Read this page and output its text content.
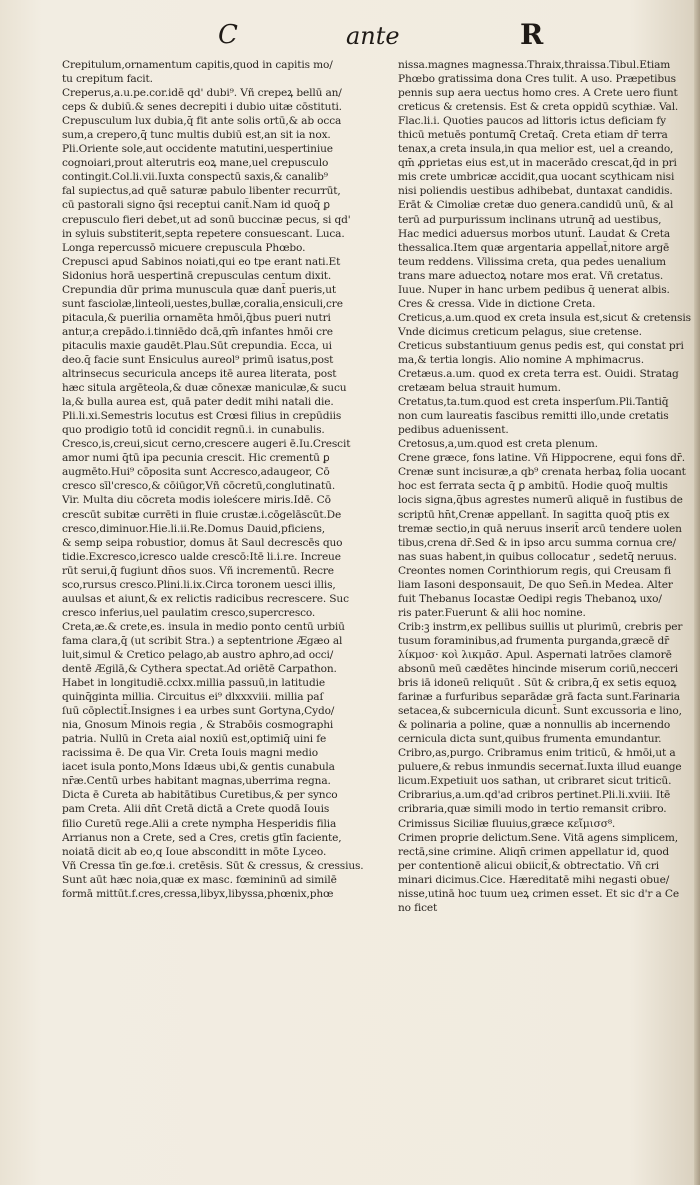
C	ante	R
Crepitulum,ornamentum capitis,quod in capitis mo/
tu crepitum facit.
Creperus,a.u.pe.cor.idē qd' dubi⁹. Vñ crepeꝝ bellū an/
ceps & dubiū.& senes decrepiti i dubio uitæ cōstituti.
Crepusculum lux dubia,q̄ fit ante solis ortū,& ab occa
sum,a crepero,q̄ tunc multis dubiū est,an sit ia nox.
Pli.Oriente sole,aut occidente matutini,uespertiniue
cognoiari,prout alterutris eoꝝ mane,uel crepusculo
contingit.Col.li.vii.Iuxta conspectū saxis,& canalib⁹
fal supiectus,ad quē saturæ pabulo libenter recurrūt,
cū pastorali signo q̄si receptui canit̄.Nam id quoq̄ ꝑ
crepusculo fieri debet,ut ad sonū buccinæ pecus, si qd'
in syluis substiterit,septa repetere consuescant. Luca.
Longa repercussō micuere crepuscula Phœbo.
Crepusci apud Sabinos noiati,qui eo tpe erant nati.Et
Sidonius horā uespertinā crepusculas centum dixit.
Crepundia dūr prima munuscula quæ dant̄ pueris,ut
sunt fasciolæ,linteoli,uestes,bullæ,coralia,ensiculi,cre
pitacula,& puerilia ornamēta hmōi,q̄bus pueri nutri
antur,a crepādo.i.tinniēdo dcā,qm̄ infantes hmōi cre
pitaculis maxie gaudēt.Plau.Sūt crepundia. Ecca, ui
deo.q̄ facie sunt Ensiculus aureol⁹ primū isatus,post
altrinsecus securicula anceps itē aurea literata, post
hæc situla argēteola,& duæ cōnexæ maniculæ,& sucu
la,& bulla aurea est, quā pater dedit mihi natali die.
Pli.li.xi.Semestris locutus est Crœsi filius in crepūdiis
quo prodigio totū id concidit regnū.i. in cunabulis.
Cresco,is,creui,sicut cerno,crescere augeri ē.Iu.Crescit
amor numi q̄tū ipa pecunia crescit. Hic crementū ꝑ
augmēto.Hui⁹ cōposita sunt Accresco,adaugeor, Cō
cresco sīl'cresco,& cōiūgor,Vñ cōcretū,conglutinatū.
Vir. Multa diu cōcreta modis ioleścere miris.Idē. Cō
crescūt subitæ currēti in fluie crustæ.i.cōgelāscūt.De
cresco,diminuor.Hie.li.ii.Re.Domus Dauid,pficiens,
& semp seipa robustior, domus āt Saul decrescēs quo
tidie.Excresco,icresco ualde crescō:Itē li.i.re. Increue
rūt serui,q̄ fugiunt dn̄os suos. Vñ incrementū. Recre
sco,rursus cresco.Plini.li.ix.Circa toronem uesci illis,
auulsas et aiunt,& ex relictis radicibus recrescere. Suc
cresco inferius,uel paulatim cresco,supercresco.
Creta,æ.& crete,es. insula in medio ponto centū urbiū
fama clara,q̄ (ut scribit Stra.) a septentrione Ægæo al
luit,simul & Cretico pelago,ab austro aphro,ad occi/
dentē Ægilā,& Cythera spectat.Ad oriētē Carpathon.
Habet in longitudiē.cclxx.millia passuū,in latitudie
quinq̄ginta millia. Circuitus ei⁹ dlxxxviii. millia paſ
ſuū cōplectit̄.Insignes i ea urbes sunt Gortyna,Cydo/
nia, Gnosum Minois regia , & Strabōis cosmographi
patria. Nullū in Creta aial noxiū est,optimiq̄ uini fe
racissima ē. De qua Vir. Creta Iouis magni medio
iacet isula ponto,Mons Idæus ubi,& gentis cunabula
nr̄æ.Centū urbes habitant magnas,uberrima regna.
Dicta ē Cureta ab habitātibus Curetibus,& per synco
pam Creta. Alii dn̄t Cretā dictā a Crete quodā Iouis
filio Curetū rege.Alii a crete nympha Hesperidis filia
Arrianus non a Crete, sed a Cres, cretis gtīn faciente,
noiatā dicit ab eo,q Ioue absconditt in mōte Lyceo.
Vñ Cressa tīn ge.fœ.i. cretēsis. Sūt & cressus, & cressius.
Sunt aūt hæc noia,quæ ex masc. fœmininū ad similē
formā mittūt.f.cres,cressa,libyx,libyssa,phœnix,phœ
nissa.magnes magnessa.Thraix,thraissa.Tibul.Etiam
Phœbo gratissima dona Cres tulit. A uso. Præpetibus
pennis sup aera uectus homo cres. A Crete uero fiunt
creticus & cretensis. Est & creta oppidū scythiæ. Val.
Flac.li.i. Quoties paucos ad littoris ictus deficiam fy
thicū metuēs pontumq̄ Cretaq̄. Creta etiam dr̄ terra
tenax,a creta insula,in qua melior est, uel a creando,
qm̄ ꝓprietas eius est,ut in macerādo crescat,q̄d in pri
mis crete umbricæ accidit,qua uocant scythicam nisi
nisi poliendis uestibus adhibebat, duntaxat candidis.
Erāt & Cimoliæ cretæ duo genera.candidū unū, & al
terū ad purpurissum inclinans utrunq̄ ad uestibus,
Hac medici aduersus morbos utunt̄. Laudat & Creta
thessalica.Item quæ argentaria appellat̄,nitore argē
teum reddens. Vilissima creta, qua pedes uenalium
trans mare aduectoꝝ notare mos erat. Vñ cretatus.
Iuue. Nuper in hanc urbem pedibus q̄ uenerat albis.
Cres & cressa. Vide in dictione Creta.
Creticus,a.um.quod ex creta insula est,sicut & cretensis
Vnde dicimus creticum pelagus, siue cretense.
Creticus substantiuum genus pedis est, qui constat pri
ma,& tertia longis. Alio nomine A mphimacrus.
Cretæus.a.um. quod ex creta terra est. Ouidi. Stratag
cretæam belua strauit humum.
Cretatus,ta.tum.quod est creta insperſum.Pli.Tantiq̄
non cum laureatis fascibus remitti illo,unde cretatis
pedibus aduenissent.
Cretosus,a,um.quod est creta plenum.
Crene græce, fons latine. Vñ Hippocrene, equi fons dr̄.
Crenæ sunt incisuræ,a qb⁹ crenata herbaꝝ folia uocant
hoc est ferrata secta q̄ ꝑ ambitū. Hodie quoq̄ multis
locis signa,q̄bus agrestes numerū aliquē in fustibus de
scriptū hn̄t,Crenæ appellant̄. In sagitta quoq̄ ptis ex
tremæ sectio,in quā neruus inserit̄ arcū tendere uolen
tibus,crena dr̄.Sed & in ipso arcu summa cornua cre/
nas suas habent,in quibus collocatur , sedetq̄ neruus.
Creontes nomen Corinthiorum regis, qui Creusam fi
liam Iasoni desponsauit, De quo Sen̄.in Medea. Alter
fuit Thebanus Iocastæ Oedipi regis Thebanoꝝ uxo/
ris pater.Fuerunt & alii hoc nomine.
Crib:ꝫ instrm,ex pellibus suillis ut plurimū, crebris per
tusum foraminibus,ad frumenta purganda,græcē dr̄
λίκμοσ· κοὶ λικμᾶσ. Apul. Aspernati latrōes clamorē
absonū meū cædētes hincinde miserum coriū,necceri
bris iā idoneū reliquūt . Sūt & cribra,q̄ ex setis equoꝝ
farinæ a furfuribus separādæ grā facta sunt.Farinaria
setacea,& subcernicula dicunt̄. Sunt excussoria e lino,
& polinaria a poline, quæ a nonnullis ab incernendo
cernicula dicta sunt,quibus frumenta emundantur.
Cribro,as,purgo. Cribramus enim triticū, & hmōi,ut a
puluere,& rebus inmundis secernat̄.Iuxta illud euange
licum.Expetiuit uos sathan, ut cribraret sicut triticū.
Cribrarius,a.um.qd'ad cribros pertinet.Pli.li.xviii. Itē
cribraria,quæ simili modo in tertio remansit cribro.
Crimissus Siciliæ fluuius,græce κεἴμισσ⁸.
Crimen proprie delictum.Sene. Vitā agens simplicem,
rectā,sine crimine. Aliqn̄ crimen appellatur id, quod
per contentionē alicui obiicit̄,& obtrectatio. Vñ cri
minari dicimus.Cice. Hæreditatē mihi negasti obue/
nisse,utinā hoc tuum ueꝝ crimen esset. Et sic d'r a Ce
no ficet
